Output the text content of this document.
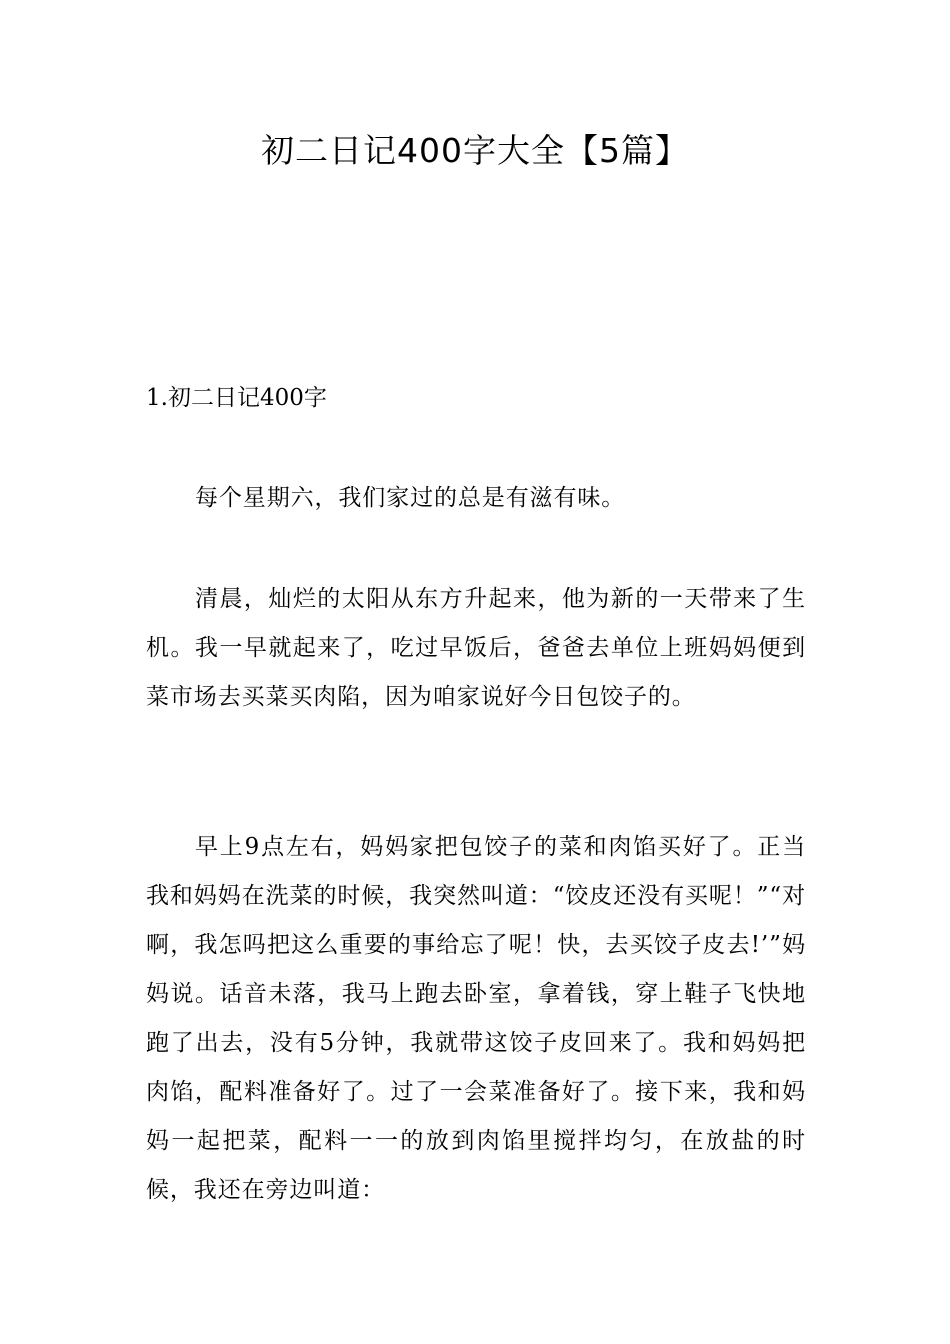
初二日记400字大全【5篇】
1.初二日记400字

每个星期六，我们家过的总是有滋有味。

清晨，灿烂的太阳从东方升起来，他为新的一天带来了生机。我一早就起来了，吃过早饭后，爸爸去单位上班妈妈便到菜市场去买菜买肉陷，因为咱家说好今日包饺子的。

早上9点左右，妈妈家把包饺子的菜和肉馅买好了。正当我和妈妈在洗菜的时候，我突然叫道：“饺皮还没有买呢！”“对啊，我怎吗把这么重要的事给忘了呢！快，去买饺子皮去!’”妈妈说。话音未落，我马上跑去卧室，拿着钱，穿上鞋子飞快地跑了出去，没有5分钟，我就带这饺子皮回来了。我和妈妈把肉馅，配料准备好了。过了一会菜准备好了。接下来，我和妈妈一起把菜，配料一一的放到肉馅里搅拌均匀，在放盐的时候，我还在旁边叫道：
